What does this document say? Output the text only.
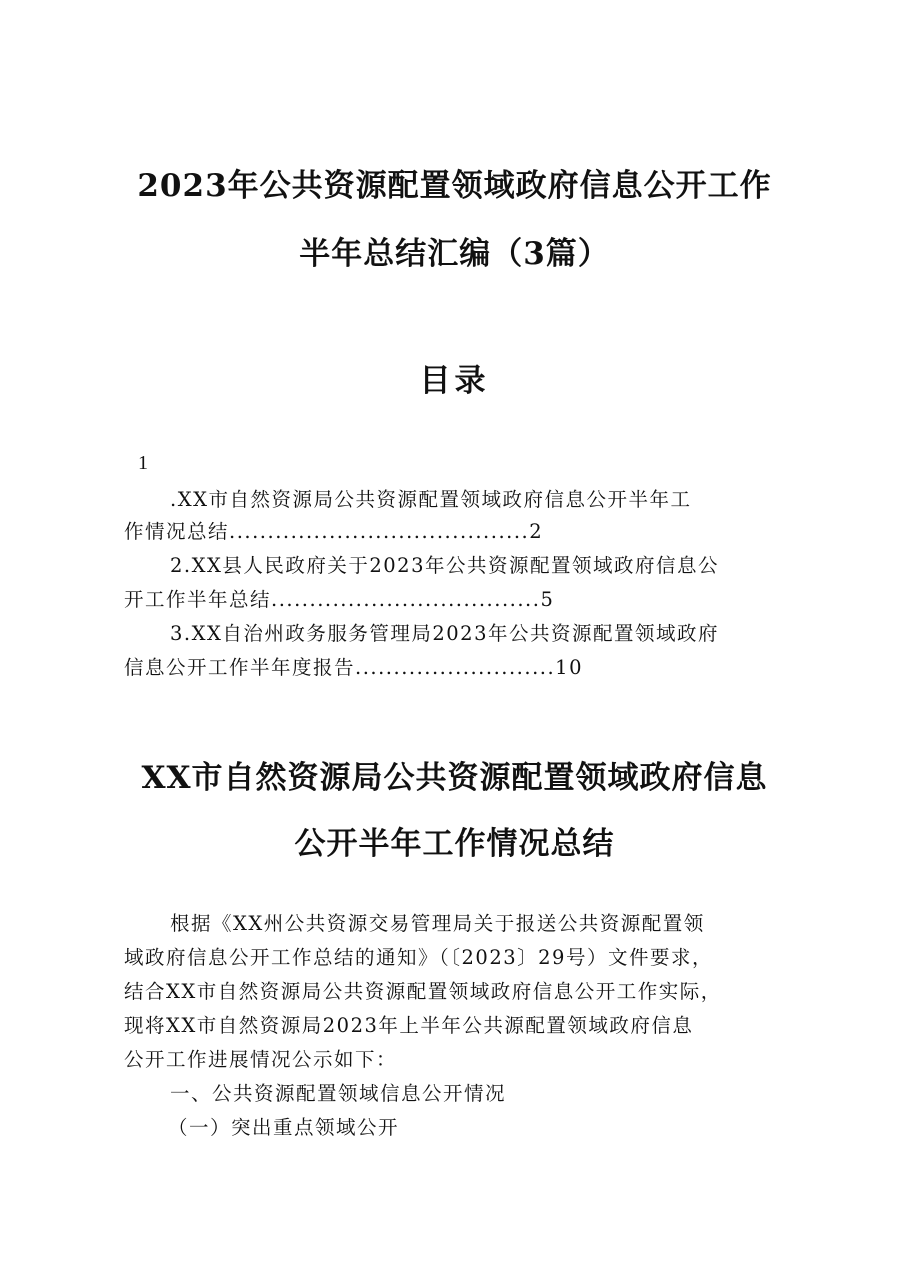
2023年公共资源配置领域政府信息公开工作
半年总结汇编（3篇）
目录
1
.XX市自然资源局公共资源配置领域政府信息公开半年工
作情况总结.......................................2
2.XX县人民政府关于2023年公共资源配置领域政府信息公
开工作半年总结...................................5
3.XX自治州政务服务管理局2023年公共资源配置领域政府
信息公开工作半年度报告..........................10
XX市自然资源局公共资源配置领域政府信息
公开半年工作情况总结
根据《XX州公共资源交易管理局关于报送公共资源配置领
域政府信息公开工作总结的通知》（〔2023〕29号）文件要求，
结合XX市自然资源局公共资源配置领域政府信息公开工作实际，
现将XX市自然资源局2023年上半年公共源配置领域政府信息
公开工作进展情况公示如下：
一、公共资源配置领域信息公开情况
（一）突出重点领域公开
